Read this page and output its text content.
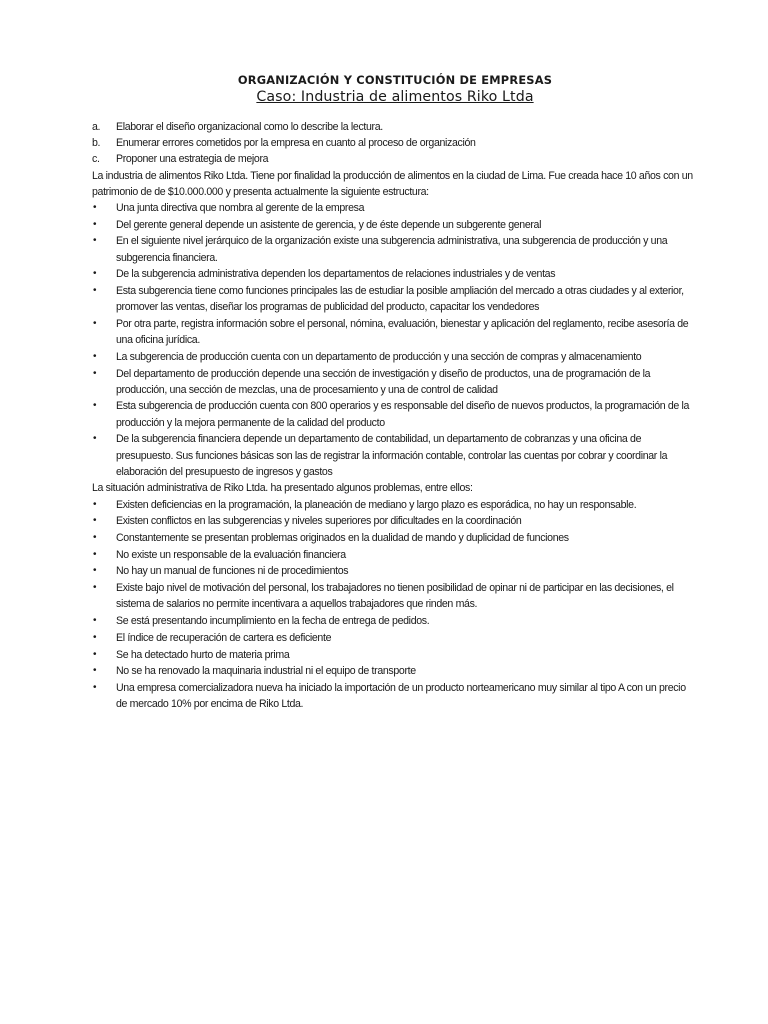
ORGANIZACIÓN Y CONSTITUCIÓN DE EMPRESAS

Caso: Industria de alimentos Riko Ltda

a. Elaborar el diseño organizacional como lo describe la lectura.
b. Enumerar errores cometidos por la empresa en cuanto al proceso de organización
c. Proponer una estrategia de mejora

La industria de alimentos Riko Ltda. Tiene por finalidad la producción de alimentos en la ciudad de Lima. Fue creada hace 10 años con un patrimonio de de $10.000.000 y presenta actualmente la siguiente estructura:

• Una junta directiva que nombra al gerente de la empresa
• Del gerente general depende un asistente de gerencia, y de éste depende un subgerente general
• En el siguiente nivel jerárquico de la organización existe una subgerencia administrativa, una subgerencia de producción y una subgerencia financiera.
• De la subgerencia administrativa dependen los departamentos de relaciones industriales y de ventas
• Esta subgerencia tiene como funciones principales las de estudiar la posible ampliación del mercado a otras ciudades y al exterior, promover las ventas, diseñar los programas de publicidad del producto, capacitar los vendedores
• Por otra parte, registra información sobre el personal, nómina, evaluación, bienestar y aplicación del reglamento, recibe asesoría de una oficina jurídica.
• La subgerencia de producción cuenta con un departamento de producción y una sección de compras y almacenamiento
• Del departamento de producción depende una sección de investigación y diseño de productos, una de programación de la producción, una sección de mezclas, una de procesamiento y una de control de calidad
• Esta subgerencia de producción cuenta con 800 operarios y es responsable del diseño de nuevos productos, la programación de la producción y la mejora permanente de la calidad del producto
• De la subgerencia financiera depende un departamento de contabilidad, un departamento de cobranzas y una oficina de presupuesto. Sus funciones básicas son las de registrar la información contable, controlar las cuentas por cobrar y coordinar la elaboración del presupuesto de ingresos y gastos

La situación administrativa de Riko Ltda. ha presentado algunos problemas, entre ellos:

• Existen deficiencias en la programación, la planeación de mediano y largo plazo es esporádica, no hay un responsable.
• Existen conflictos en las subgerencias y niveles superiores por dificultades en la coordinación
• Constantemente se presentan problemas originados en la dualidad de mando y duplicidad de funciones
• No existe un responsable de la evaluación financiera
• No hay un manual de funciones ni de procedimientos
• Existe bajo nivel de motivación del personal, los trabajadores no tienen posibilidad de opinar ni de participar en las decisiones, el sistema de salarios no permite incentivara a aquellos trabajadores que rinden más.
• Se está presentando incumplimiento en la fecha de entrega de pedidos.
• El índice de recuperación de cartera es deficiente
• Se ha detectado hurto de materia prima
• No se ha renovado la maquinaria industrial ni el equipo de transporte
• Una empresa comercializadora nueva ha iniciado la importación de un producto norteamericano muy similar al tipo A con un precio de mercado 10% por encima de Riko Ltda.
